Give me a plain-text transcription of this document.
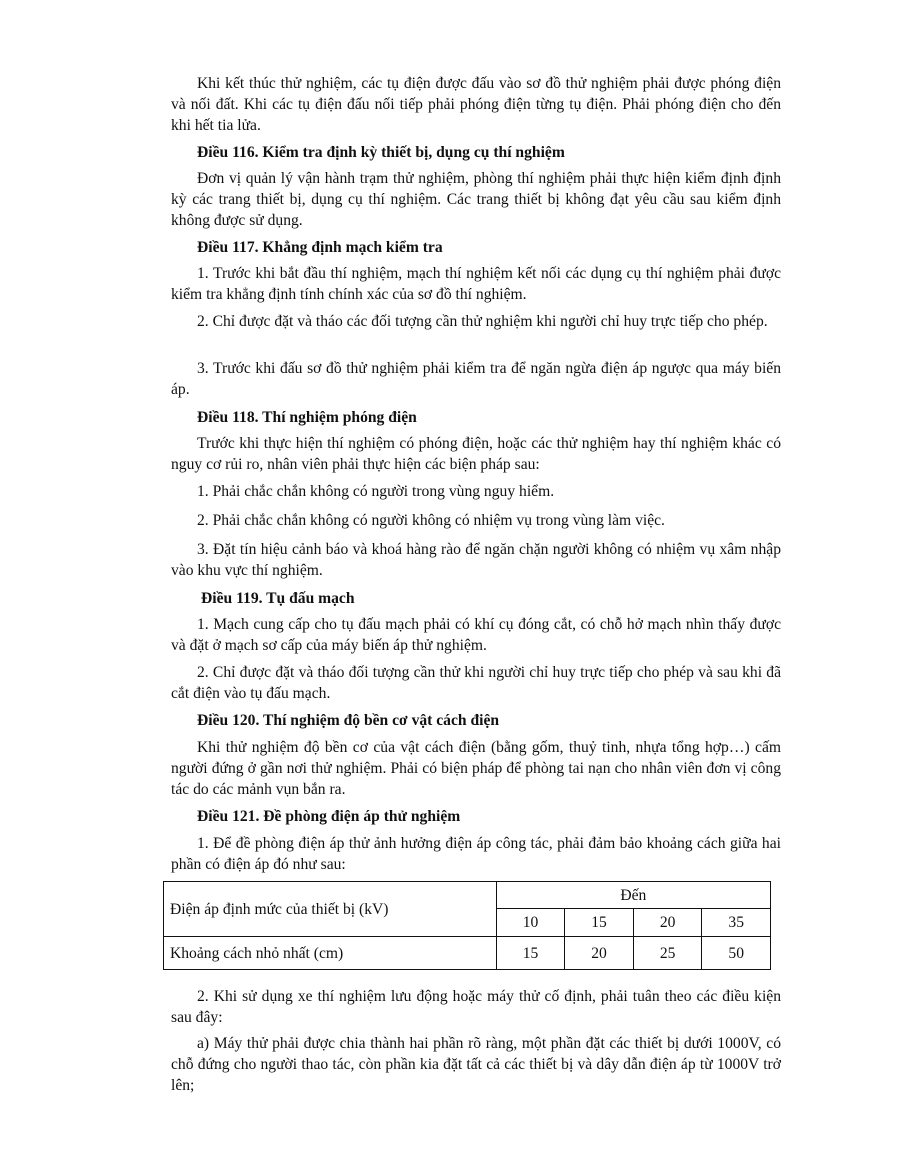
Khi kết thúc thử nghiệm, các tụ điện được đấu vào sơ đồ thử nghiệm phải được phóng điện và nối đất. Khi các tụ điện đấu nối tiếp phải phóng điện từng tụ điện. Phải phóng điện cho đến khi hết tia lửa.

Điều 116. Kiểm tra định kỳ thiết bị, dụng cụ thí nghiệm

Đơn vị quản lý vận hành trạm thử nghiệm, phòng thí nghiệm phải thực hiện kiểm định định kỳ các trang thiết bị, dụng cụ thí nghiệm. Các trang thiết bị không đạt yêu cầu sau kiểm định không được sử dụng.

Điều 117. Khẳng định mạch kiểm tra

1. Trước khi bắt đầu thí nghiệm, mạch thí nghiệm kết nối các dụng cụ thí nghiệm phải được kiểm tra khẳng định tính chính xác của sơ đồ thí nghiệm.

2. Chỉ được đặt và tháo các đối tượng cần thử nghiệm khi người chỉ huy trực tiếp cho phép.

3. Trước khi đấu sơ đồ thử nghiệm phải kiểm tra để ngăn ngừa điện áp ngược qua máy biến áp.

Điều 118. Thí nghiệm phóng điện

Trước khi thực hiện thí nghiệm có phóng điện, hoặc các thử nghiệm hay thí nghiệm khác có nguy cơ rủi ro, nhân viên phải thực hiện các biện pháp sau:

1. Phải chắc chắn không có người trong vùng nguy hiểm.

2. Phải chắc chắn không có người không có nhiệm vụ trong vùng làm việc.

3. Đặt tín hiệu cảnh báo và khoá hàng rào để ngăn chặn người không có nhiệm vụ xâm nhập vào khu vực thí nghiệm.

Điều 119. Tụ đấu mạch

1. Mạch cung cấp cho tụ đấu mạch phải có khí cụ đóng cắt, có chỗ hở mạch nhìn thấy được và đặt ở mạch sơ cấp của máy biến áp thử nghiệm.

2. Chỉ được đặt và tháo đối tượng cần thử khi người chỉ huy trực tiếp cho phép và sau khi đã cắt điện vào tụ đấu mạch.

Điều 120. Thí nghiệm độ bền cơ vật cách điện

Khi thử nghiệm độ bền cơ của vật cách điện (bằng gốm, thuỷ tinh, nhựa tổng hợp…) cấm người đứng ở gần nơi thử nghiệm. Phải có biện pháp để phòng tai nạn cho nhân viên đơn vị công tác do các mảnh vụn bắn ra.

Điều 121. Đề phòng điện áp thử nghiệm

1. Để đề phòng điện áp thử ảnh hưởng điện áp công tác, phải đảm bảo khoảng cách giữa hai phần có điện áp đó như sau:

Điện áp định mức của thiết bị (kV)	Đến			
	10	15	20	35
Khoảng cách nhỏ nhất (cm)	15	20	25	50

2. Khi sử dụng xe thí nghiệm lưu động hoặc máy thử cố định, phải tuân theo các điều kiện sau đây:

a) Máy thử phải được chia thành hai phần rõ ràng, một phần đặt các thiết bị dưới 1000V, có chỗ đứng cho người thao tác, còn phần kia đặt tất cả các thiết bị và dây dẫn điện áp từ 1000V trở lên;
